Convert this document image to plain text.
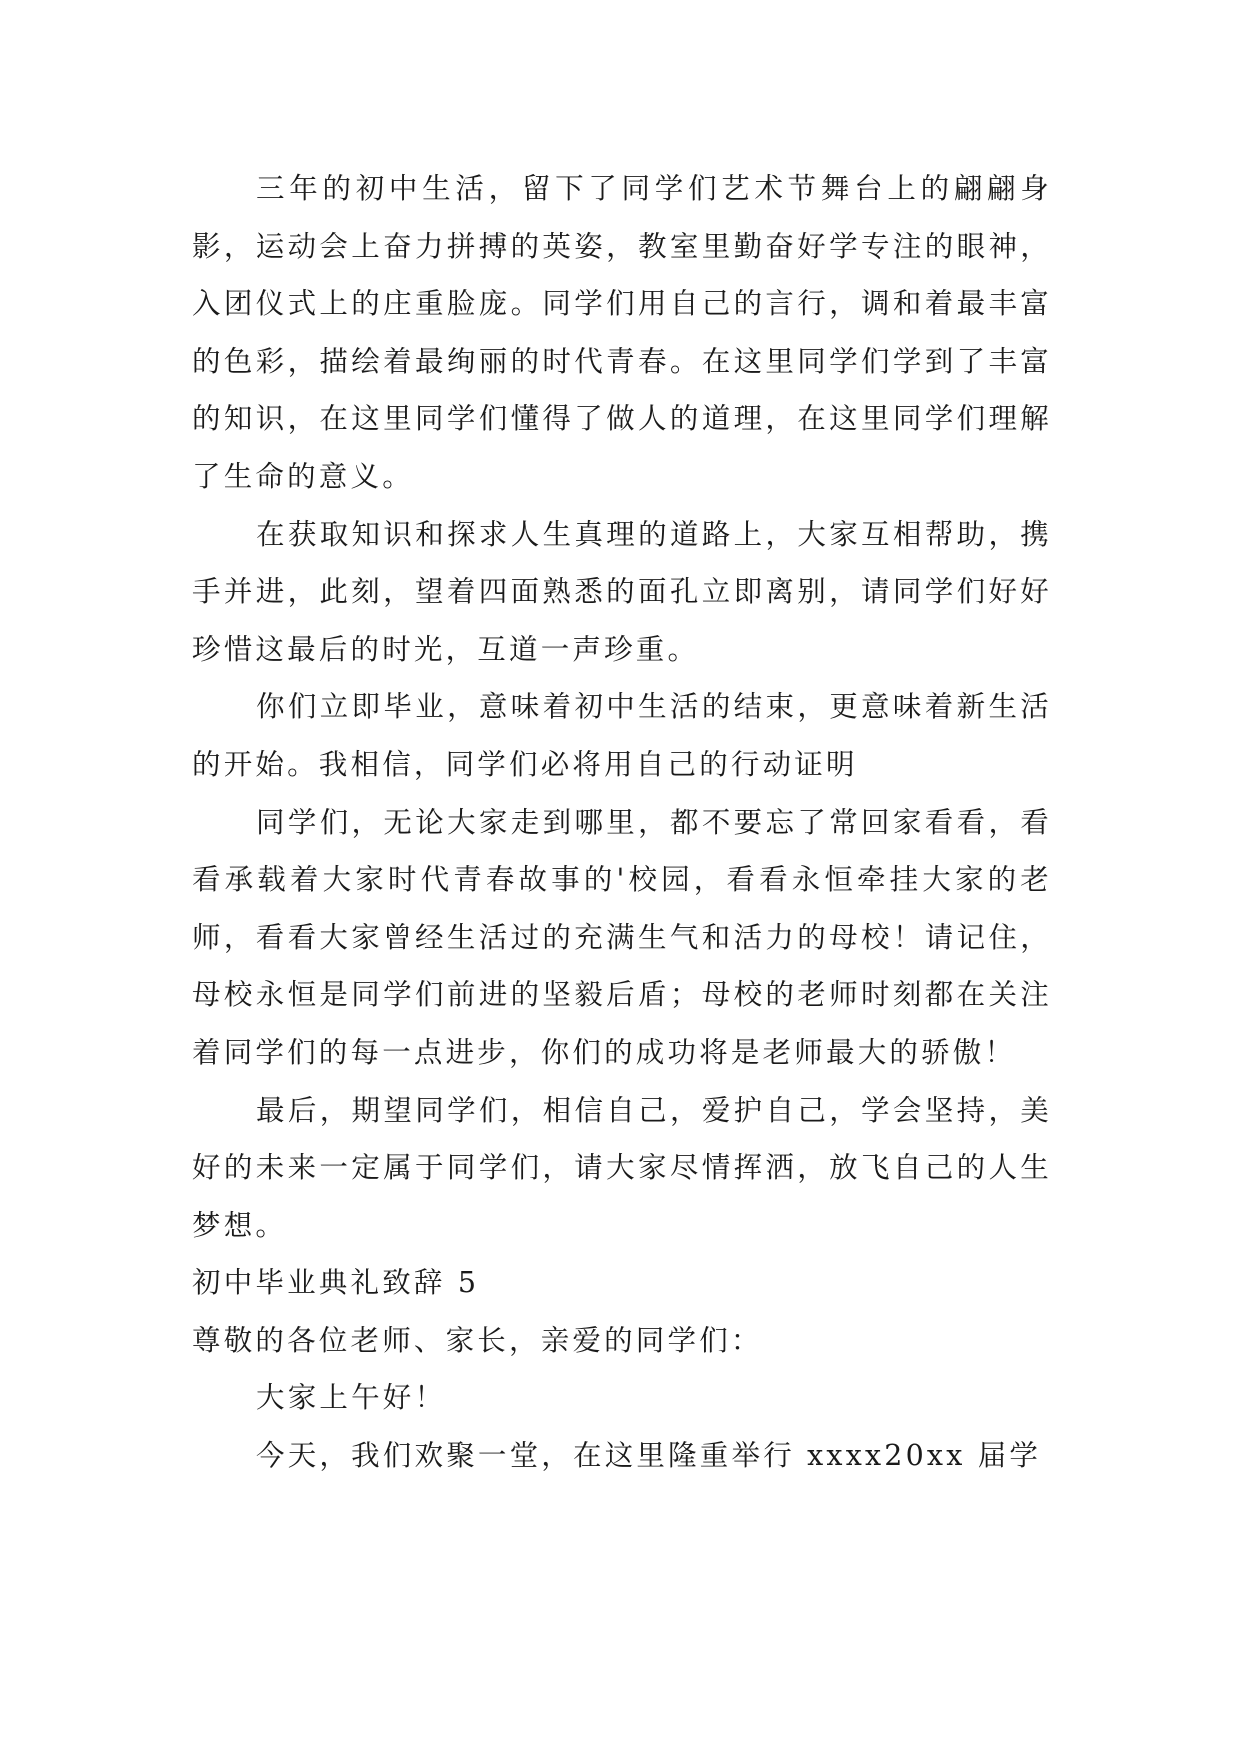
三年的初中生活，留下了同学们艺术节舞台上的翩翩身影，运动会上奋力拼搏的英姿，教室里勤奋好学专注的眼神，入团仪式上的庄重脸庞。同学们用自己的言行，调和着最丰富的色彩，描绘着最绚丽的时代青春。在这里同学们学到了丰富的知识，在这里同学们懂得了做人的道理，在这里同学们理解了生命的意义。

在获取知识和探求人生真理的道路上，大家互相帮助，携手并进，此刻，望着四面熟悉的面孔立即离别，请同学们好好珍惜这最后的时光，互道一声珍重。

你们立即毕业，意味着初中生活的结束，更意味着新生活的开始。我相信，同学们必将用自己的行动证明

同学们，无论大家走到哪里，都不要忘了常回家看看，看看承载着大家时代青春故事的'校园，看看永恒牵挂大家的老师，看看大家曾经生活过的充满生气和活力的母校！请记住，母校永恒是同学们前进的坚毅后盾；母校的老师时刻都在关注着同学们的每一点进步，你们的成功将是老师最大的骄傲！

最后，期望同学们，相信自己，爱护自己，学会坚持，美好的未来一定属于同学们，请大家尽情挥洒，放飞自己的人生梦想。

初中毕业典礼致辞 5

尊敬的各位老师、家长，亲爱的同学们：

大家上午好！

今天，我们欢聚一堂，在这里隆重举行 xxxx20xx 届学
